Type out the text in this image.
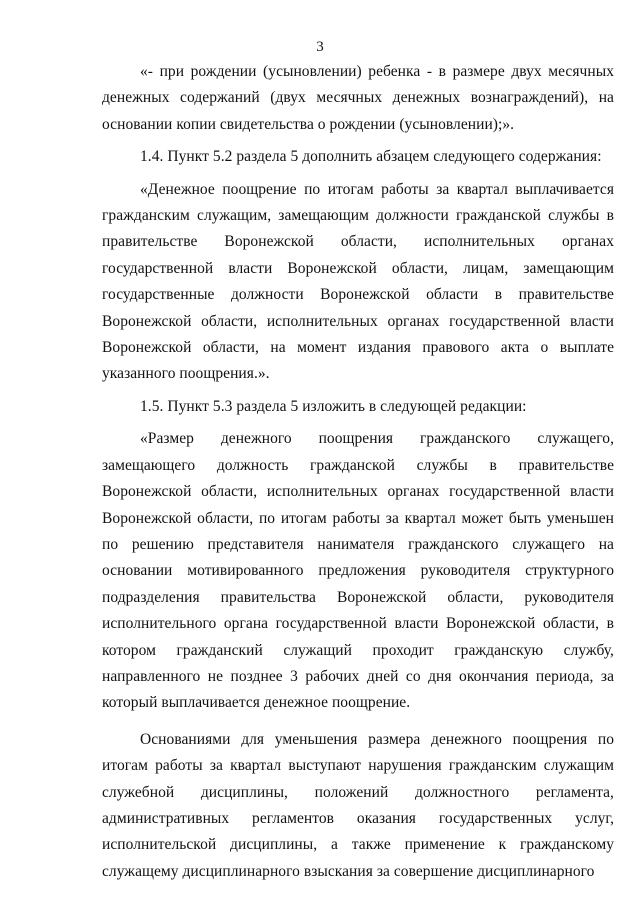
3

«- при рождении (усыновлении) ребенка - в размере двух месячных денежных содержаний (двух месячных денежных вознаграждений), на основании копии свидетельства о рождении (усыновлении);».

1.4. Пункт 5.2 раздела 5 дополнить абзацем следующего содержания:

«Денежное поощрение по итогам работы за квартал выплачивается гражданским служащим, замещающим должности гражданской службы в правительстве Воронежской области, исполнительных органах государственной власти Воронежской области, лицам, замещающим государственные должности Воронежской области в правительстве Воронежской области, исполнительных органах государственной власти Воронежской области, на момент издания правового акта о выплате указанного поощрения.».

1.5. Пункт 5.3 раздела 5 изложить в следующей редакции:

«Размер денежного поощрения гражданского служащего, замещающего должность гражданской службы в правительстве Воронежской области, исполнительных органах государственной власти Воронежской области, по итогам работы за квартал может быть уменьшен по решению представителя нанимателя гражданского служащего на основании мотивированного предложения руководителя структурного подразделения правительства Воронежской области, руководителя исполнительного органа государственной власти Воронежской области, в котором гражданский служащий проходит гражданскую службу, направленного не позднее 3 рабочих дней со дня окончания периода, за который выплачивается денежное поощрение.

Основаниями для уменьшения размера денежного поощрения по итогам работы за квартал выступают нарушения гражданским служащим служебной дисциплины, положений должностного регламента, административных регламентов оказания государственных услуг, исполнительской дисциплины, а также применение к гражданскому служащему дисциплинарного взыскания за совершение дисциплинарного
